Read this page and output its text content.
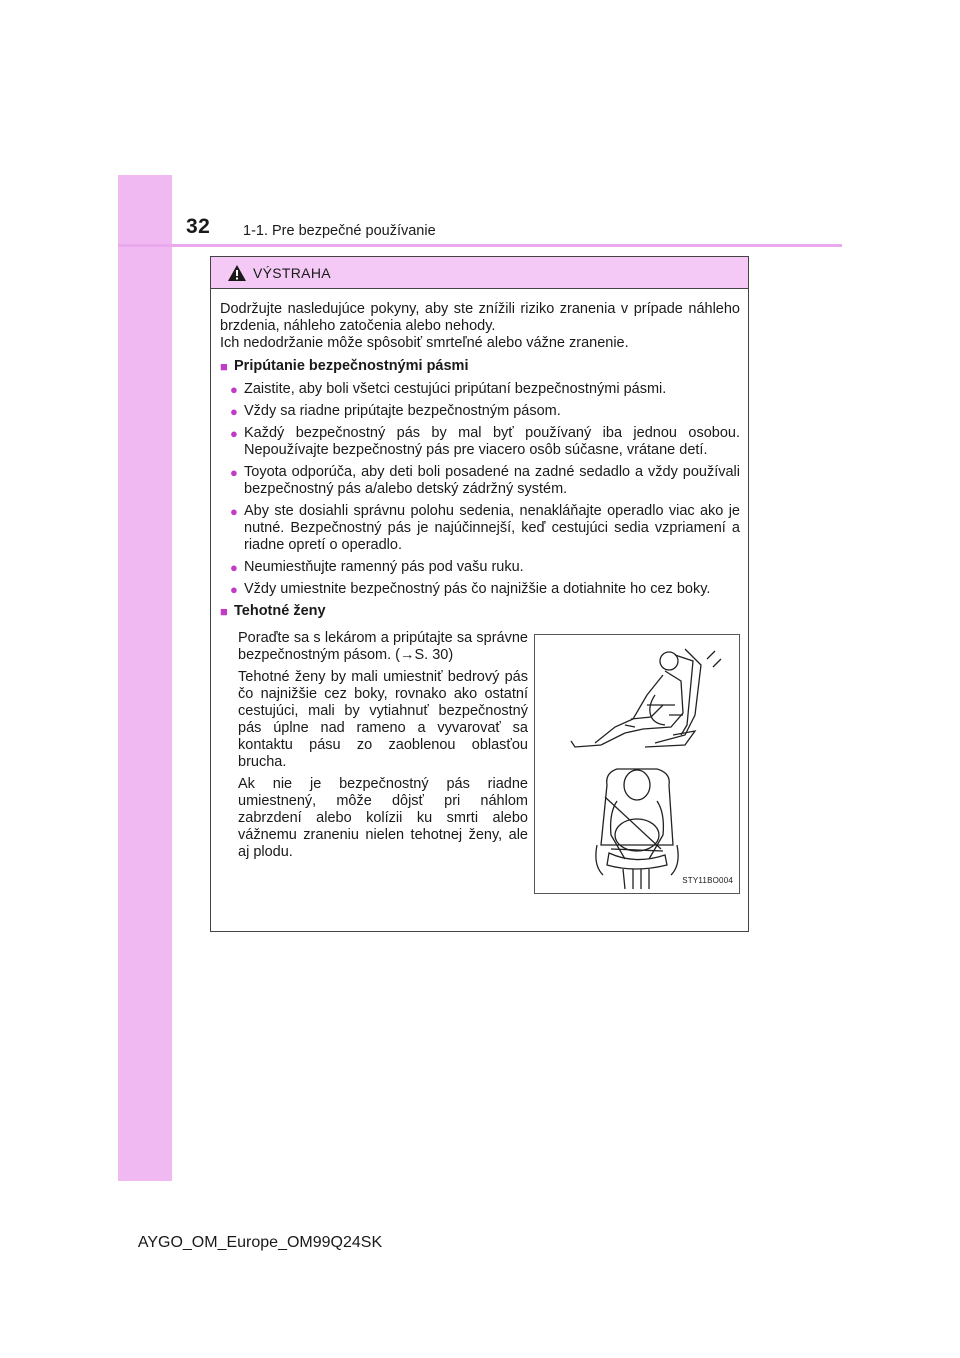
32 1-1. Pre bezpečné používanie
VÝSTRAHA

Dodržujte nasledujúce pokyny, aby ste znížili riziko zranenia v prípade náhleho brzdenia, náhleho zatočenia alebo nehody.

Ich nedodržanie môže spôsobiť smrteľné alebo vážne zranenie.

■ Pripútanie bezpečnostnými pásmi
● Zaistite, aby boli všetci cestujúci pripútaní bezpečnostnými pásmi.
● Vždy sa riadne pripútajte bezpečnostným pásom.
● Každý bezpečnostný pás by mal byť používaný iba jednou osobou. Nepoužívajte bezpečnostný pás pre viacero osôb súčasne, vrátane detí.
● Toyota odporúča, aby deti boli posadené na zadné sedadlo a vždy používali bezpečnostný pás a/alebo detský zádržný systém.
● Aby ste dosiahli správnu polohu sedenia, nenakláňajte operadlo viac ako je nutné. Bezpečnostný pás je najúčinnejší, keď cestujúci sedia vzpriamení a riadne opretí o operadlo.
● Neumiestňujte ramenný pás pod vašu ruku.
● Vždy umiestnite bezpečnostný pás čo najnižšie a dotiahnite ho cez boky.
■ Tehotné ženy

Poraďte sa s lekárom a pripútajte sa správne bezpečnostným pásom. (→S. 30)

Tehotné ženy by mali umiestniť bedrový pás čo najnižšie cez boky, rovnako ako ostatní cestujúci, mali by vytiahnuť bezpečnostný pás úplne nad rameno a vyvarovať sa kontaktu pásu zo zaoblenou oblasťou brucha.

Ak nie je bezpečnostný pás riadne umiestnený, môže dôjsť pri náhlom zabrzdení alebo kolízii ku smrti alebo vážnemu zraneniu nielen tehotnej ženy, ale aj plodu.

STY11BO004
AYGO_OM_Europe_OM99Q24SK
